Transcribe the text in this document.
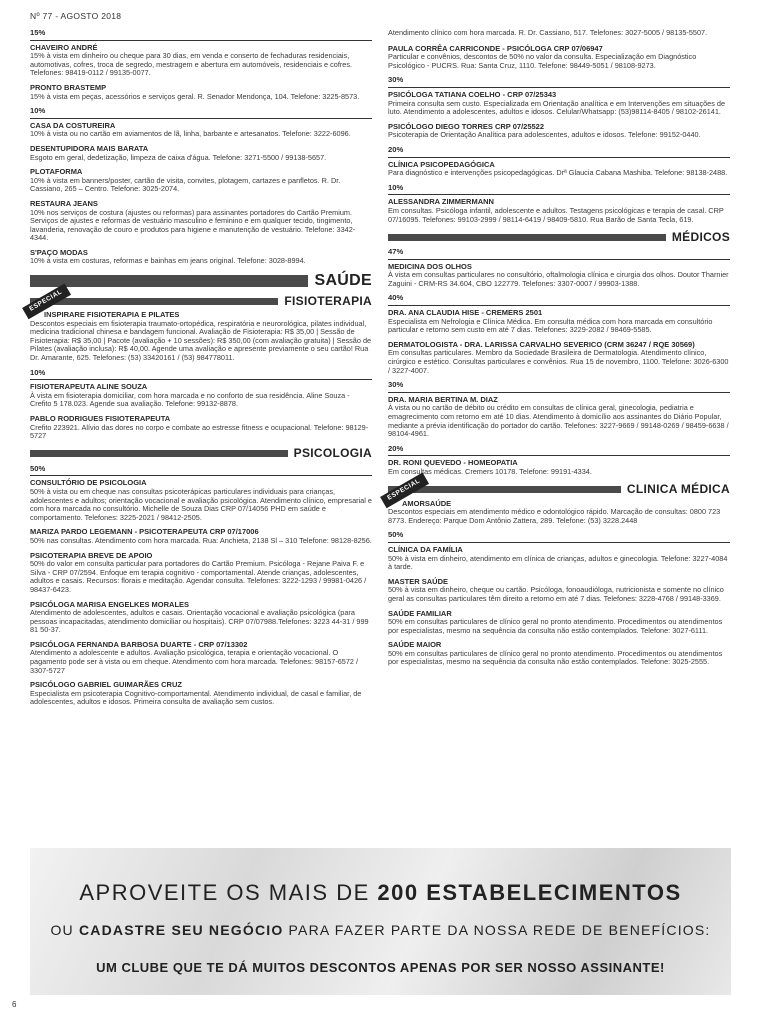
Nº 77 - AGOSTO 2018
15%
CHAVEIRO ANDRÉ
15% à vista em dinheiro ou cheque para 30 dias, em venda e conserto de fechaduras residenciais, automotivas, cofres, troca de segredo, mestragem e abertura em automóveis, residenciais e cofres. Telefones: 98419-0112 / 99135-0077.
PRONTO BRASTEMP
15% à vista em peças, acessórios e serviços geral. R. Senador Mendonça, 104. Telefone: 3225-8573.
10%
CASA DA COSTUREIRA
10% à vista ou no cartão em aviamentos de lã, linha, barbante e artesanatos. Telefone: 3222-6096.
DESENTUPIDORA MAIS BARATA
Esgoto em geral, dedetização, limpeza de caixa d'água. Telefone: 3271-5500 / 99138-5657.
PLOTAFORMA
10% à vista em banners/poster, cartão de visita, convites, plotagem, cartazes e panfletos. R. Dr. Cassiano, 265 – Centro. Telefone: 3025-2074.
RESTAURA JEANS
10% nos serviços de costura (ajustes ou reformas) para assinantes portadores do Cartão Premium. Serviços de ajustes e reformas de vestuário masculino e feminino e em qualquer tecido, tingimento, lavanderia, renovação de couro e produtos para higiene e manutenção de vestuário. Telefone: 3342-4344.
S'PAÇO MODAS
10% à vista em costuras, reformas e bainhas em jeans original. Telefone: 3028-8994.
SAÚDE
FISIOTERAPIA
ESPECIAL
INSPIRARE FISIOTERAPIA E PILATES
Descontos especiais em fisioterapia traumato-ortopédica, respiratória e neurorológica, pilates individual, medicina tradicional chinesa e bandagem funcional. Avaliação de Fisioterapia: R$ 35,00 | Sessão de Fisioterapia: R$ 35,00 | Pacote (avaliação + 10 sessões): R$ 350,00 (com avaliação gratuita) | Sessão de Pilates (avaliação inclusa): R$ 40,00. Agende uma avaliação e apresente previamente o seu cartão! Rua Dr. Amarante, 625. Telefones: (53) 33420161 / (53) 984778011.
10%
FISIOTERAPEUTA ALINE SOUZA
À vista em fisioterapia domiciliar, com hora marcada e no conforto de sua residência. Aline Souza - Crefito 5 178.023. Agende sua avaliação. Telefone: 99132-8878.
PABLO RODRIGUES FISIOTERAPEUTA
Crefito 223921. Alívio das dores no corpo e combate ao estresse fitness e ocupacional. Telefone: 98129-5727
PSICOLOGIA
50%
CONSULTÓRIO DE PSICOLOGIA
50% à vista ou em cheque nas consultas psicoterápicas particulares individuais para crianças, adolescentes e adultos; orientação vocacional e avaliação psicológica. Atendimento clínico, empresarial e com hora marcada no consultório. Michelle de Souza Dias CRP 07/14056 PHD em saúde e comportamento. Telefones: 3225-2021 / 98412-2505.
MARIZA PARDO LEGEMANN - PSICOTERAPEUTA CRP 07/17006
50% nas consultas. Atendimento com hora marcada. Rua: Anchieta, 2138 Sl – 310 Telefone: 98128-8256.
PSICOTERAPIA BREVE DE APOIO
50% do valor em consulta particular para portadores do Cartão Premium. Psicóloga - Rejane Paiva F. e Silva - CRP 07/2594. Enfoque em terapia cognitivo - comportamental. Atende crianças, adolescentes, adultos e casais. Recursos: florais e meditação. Agendar consulta. Telefones: 3222-1293 / 99981-0426 / 98437-6423.
PSICÓLOGA MARISA ENGELKES MORALES
Atendimento de adolescentes, adultos e casais. Orientação vocacional e avaliação psicológica (para pessoas incapacitadas, atendimento domiciliar ou hospitais). CRP 07/07988.Telefones: 3223 44-31 / 999 81 50-37.
PSICÓLOGA FERNANDA BARBOSA DUARTE - CRP 07/13302
Atendimento a adolescente e adultos. Avaliação psicológica, terapia e orientação vocacional. O pagamento pode ser à vista ou em cheque. Atendimento com hora marcada. Telefones: 98157-6572 / 3307-5727
PSICÓLOGO GABRIEL GUIMARÃES CRUZ
Especialista em psicoterapia Cognitivo-comportamental. Atendimento individual, de casal e familiar, de adolescentes, adultos e idosos. Primeira consulta de avaliação sem custos.
Atendimento clínico com hora marcada. R. Dr. Cassiano, 517. Telefones: 3027-5005 / 98135-5507.
PAULA CORRÊA CARRICONDE - PSICÓLOGA CRP 07/06947
Particular e convênios, descontos de 50% no valor da consulta. Especialização em Diagnóstico Psicológico - PUCRS. Rua: Santa Cruz, 1110. Telefone: 98449-5051 / 98108-9273.
30%
PSICÓLOGA TATIANA COELHO - CRP 07/25343
Primeira consulta sem custo. Especializada em Orientação analítica e em Intervenções em situações de luto. Atendimento a adolescentes, adultos e idosos. Celular/Whatsapp: (53)98114-8405 / 98102-26141.
PSICÓLOGO DIEGO TORRES CRP 07/25522
Psicoterapia de Orientação Analítica para adolescentes, adultos e idosos. Telefone: 99152-0440.
20%
CLÍNICA PSICOPEDAGÓGICA
Para diagnóstico e intervenções psicopedagógicas. Drª Glaucia Cabana Mashiba. Telefone: 98138-2488.
10%
ALESSANDRA ZIMMERMANN
Em consultas. Psicóloga infantil, adolescente e adultos. Testagens psicológicas e terapia de casal. CRP 07/16095. Telefones: 99103-2999 / 98114-6419 / 98409-5810. Rua Barão de Santa Tecla, 619.
MÉDICOS
47%
MEDICINA DOS OLHOS
À vista em consultas particulares no consultório, oftalmologia clínica e cirurgia dos olhos. Doutor Tharnier Zaguini - CRM-RS 34.604, CBO 122779. Telefones: 3307-0007 / 99903-1388.
40%
DRA. ANA CLAUDIA HISE - CREMERS 2501
Especialista em Nefrologia e Clínica Médica. Em consulta médica com hora marcada em consultório particular e retorno sem custo em até 7 dias. Telefones: 3229-2082 / 98469-5585.
DERMATOLOGISTA - DRA. LARISSA CARVALHO SEVERICO (CRM 36247 / RQE 30569)
Em consultas particulares. Membro da Sociedade Brasileira de Dermatologia. Atendimento clínico, cirúrgico e estético. Consultas particulares e convênios. Rua 15 de novembro, 1100. Telefone: 3026-6300 / 3227-4007.
30%
DRA. MARIA BERTINA M. DIAZ
À vista ou no cartão de débito ou crédito em consultas de clínica geral, ginecologia, pediatria e emagrecimento com retorno em até 10 dias. Atendimento à domicílio aos assinantes do Diário Popular, mediante a prévia identificação do portador do cartão. Telefones: 3227-9669 / 99148-0269 / 98459-6638 / 98104-4961.
20%
DR. RONI QUEVEDO - HOMEOPATIA
Em consultas médicas. Cremers 10178. Telefone: 99191-4334.
CLINICA MÉDICA
ESPECIAL
AMORSAÚDE
Descontos especiais em atendimento médico e odontológico rápido. Marcação de consultas: 0800 723 8773. Endereço: Parque Dom Antônio Zattera, 289. Telefone: (53) 3228.2448
50%
CLÍNICA DA FAMÍLIA
50% à vista em dinheiro, atendimento em clínica de crianças, adultos e ginecologia. Telefone: 3227-4084 à tarde.
MASTER SAÚDE
50% à vista em dinheiro, cheque ou cartão. Psicóloga, fonoaudióloga, nutricionista e somente no clínico geral as consultas particulares têm direito a retorno em até 7 dias. Telefones: 3228-4768 / 99148-3369.
SAÚDE FAMILIAR
50% em consultas particulares de clínico geral no pronto atendimento. Procedimentos ou atendimentos por especialistas, mesmo na sequência da consulta não estão contemplados. Telefone: 3027-6111.
SAÚDE MAIOR
50% em consultas particulares de clínico geral no pronto atendimento. Procedimentos ou atendimentos por especialistas, mesmo na sequência da consulta não estão contemplados. Telefone: 3025-2555.
APROVEITE OS MAIS DE 200 ESTABELECIMENTOS
OU CADASTRE SEU NEGÓCIO PARA FAZER PARTE DA NOSSA REDE DE BENEFÍCIOS:
UM CLUBE QUE TE DÁ MUITOS DESCONTOS APENAS POR SER NOSSO ASSINANTE!
6
